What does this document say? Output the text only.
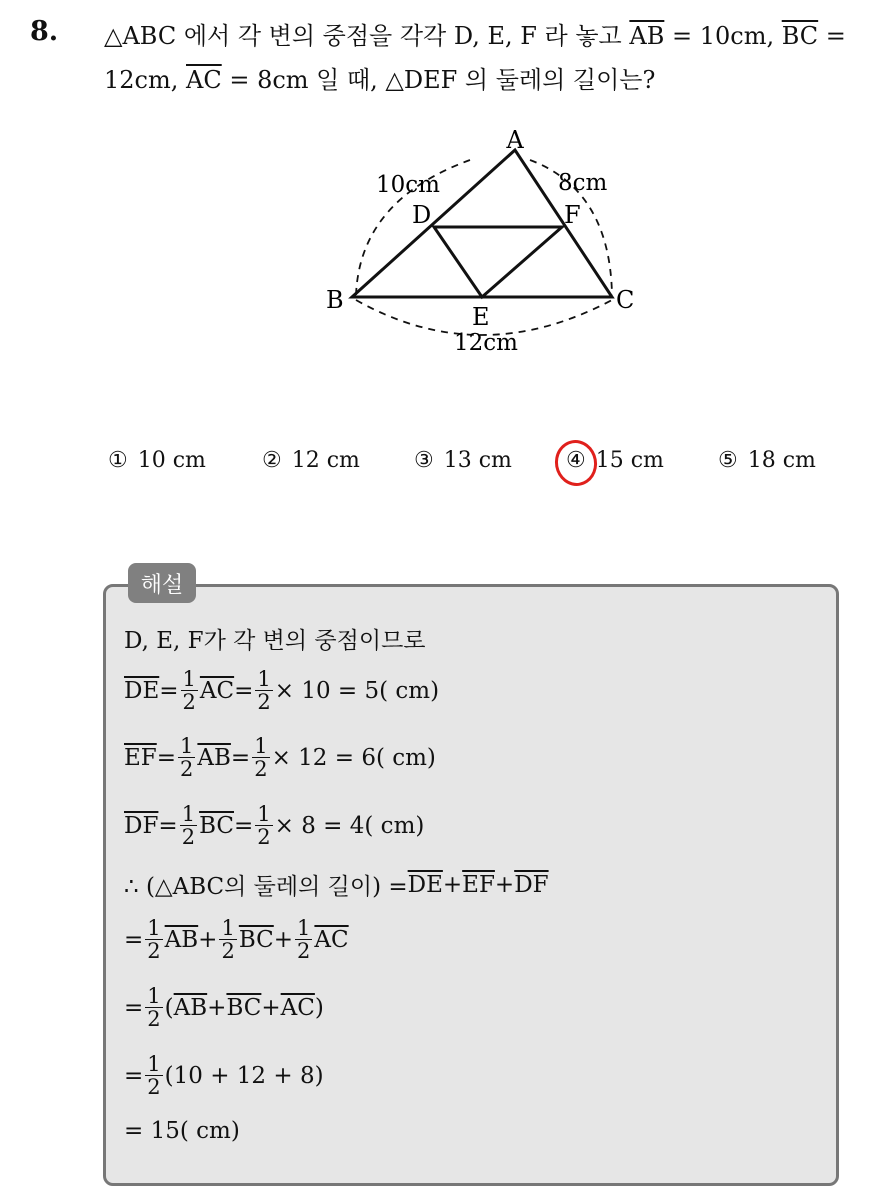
8. △ABC 에서 각 변의 중점을 각각 D, E, F 라 놓고 $\overline{AB} = 10cm$, $\overline{BC}$ =
12cm, $\overline{AC} = 8cm$ 일 때, △DEF 의 둘레의 길이는?
A
B	C
D	F
E
10cm	8cm
12cm
① 10 cm	② 12 cm ③ 13 cm ④ 15 cm ⑤ 18 cm
해설
D, E, F가 각 변의 중점이므로
$\overline{DE} = \frac{1}{2} \overline{AC} = \frac{1}{2} \times 10 = 5$( cm)
$\overline{EF} = \frac{1}{2} \overline{AB} = \frac{1}{2} \times 12 = 6$( cm)
$\overline{DF} = \frac{1}{2} \overline{BC} = \frac{1}{2} \times 8 = 4$( cm)
∴ (△ABC의 둘레의 길이) = $\overline{DE} + \overline{EF} + \overline{DF}$
= $\frac{1}{2} \overline{AB} + \frac{1}{2} \overline{BC} + \frac{1}{2} \overline{AC}$
= $\frac{1}{2}$ ( $\overline{AB} + \overline{BC} + \overline{AC}$ )
= $\frac{1}{2} (10 + 12 + 8)$
= 15( cm)
